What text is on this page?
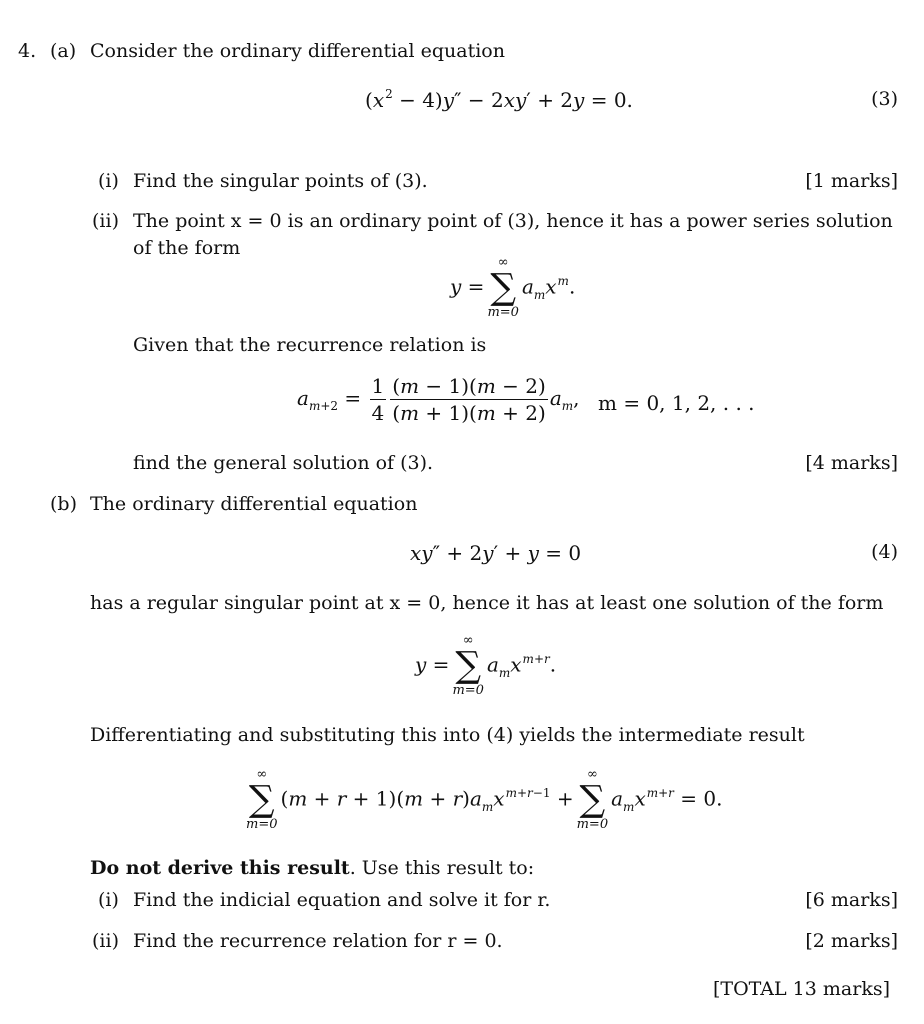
4. (a) Consider the ordinary differential equation
$(x^2 - 4)y'' - 2xy' + 2y = 0$.	(3)
(i) Find the singular points of (3).	[1 marks]
(ii) The point x = 0 is an ordinary point of (3), hence it has a power series solution
of the form
y =
∞
∑
m=0
$a_mx^m$.
Given that the recurrence relation is
$a_{m+2} = \frac{1}{4} \frac{(m - 1)(m - 2)}{(m + 1)(m + 2)} a_m$, m = 0, 1, 2, . . .
find the general solution of (3).	[4 marks]
(b) The ordinary differential equation
xy″ + 2y′ + y = 0	(4)
has a regular singular point at x = 0, hence it has at least one solution of the form
y =
∞
∑
m=0
$a_mx^{m+r}$.
Differentiating and substituting this into (4) yields the intermediate result
∞
∑
m=0
$(m + r + 1)(m + r)a_mx^{m+r-1}$ +
∞
∑
m=0
$a_mx^{m+r} = 0$.
Do not derive this result. Use this result to:
(i) Find the indicial equation and solve it for r.	[6 marks]
(ii) Find the recurrence relation for r = 0.	[2 marks]
[TOTAL 13 marks]
